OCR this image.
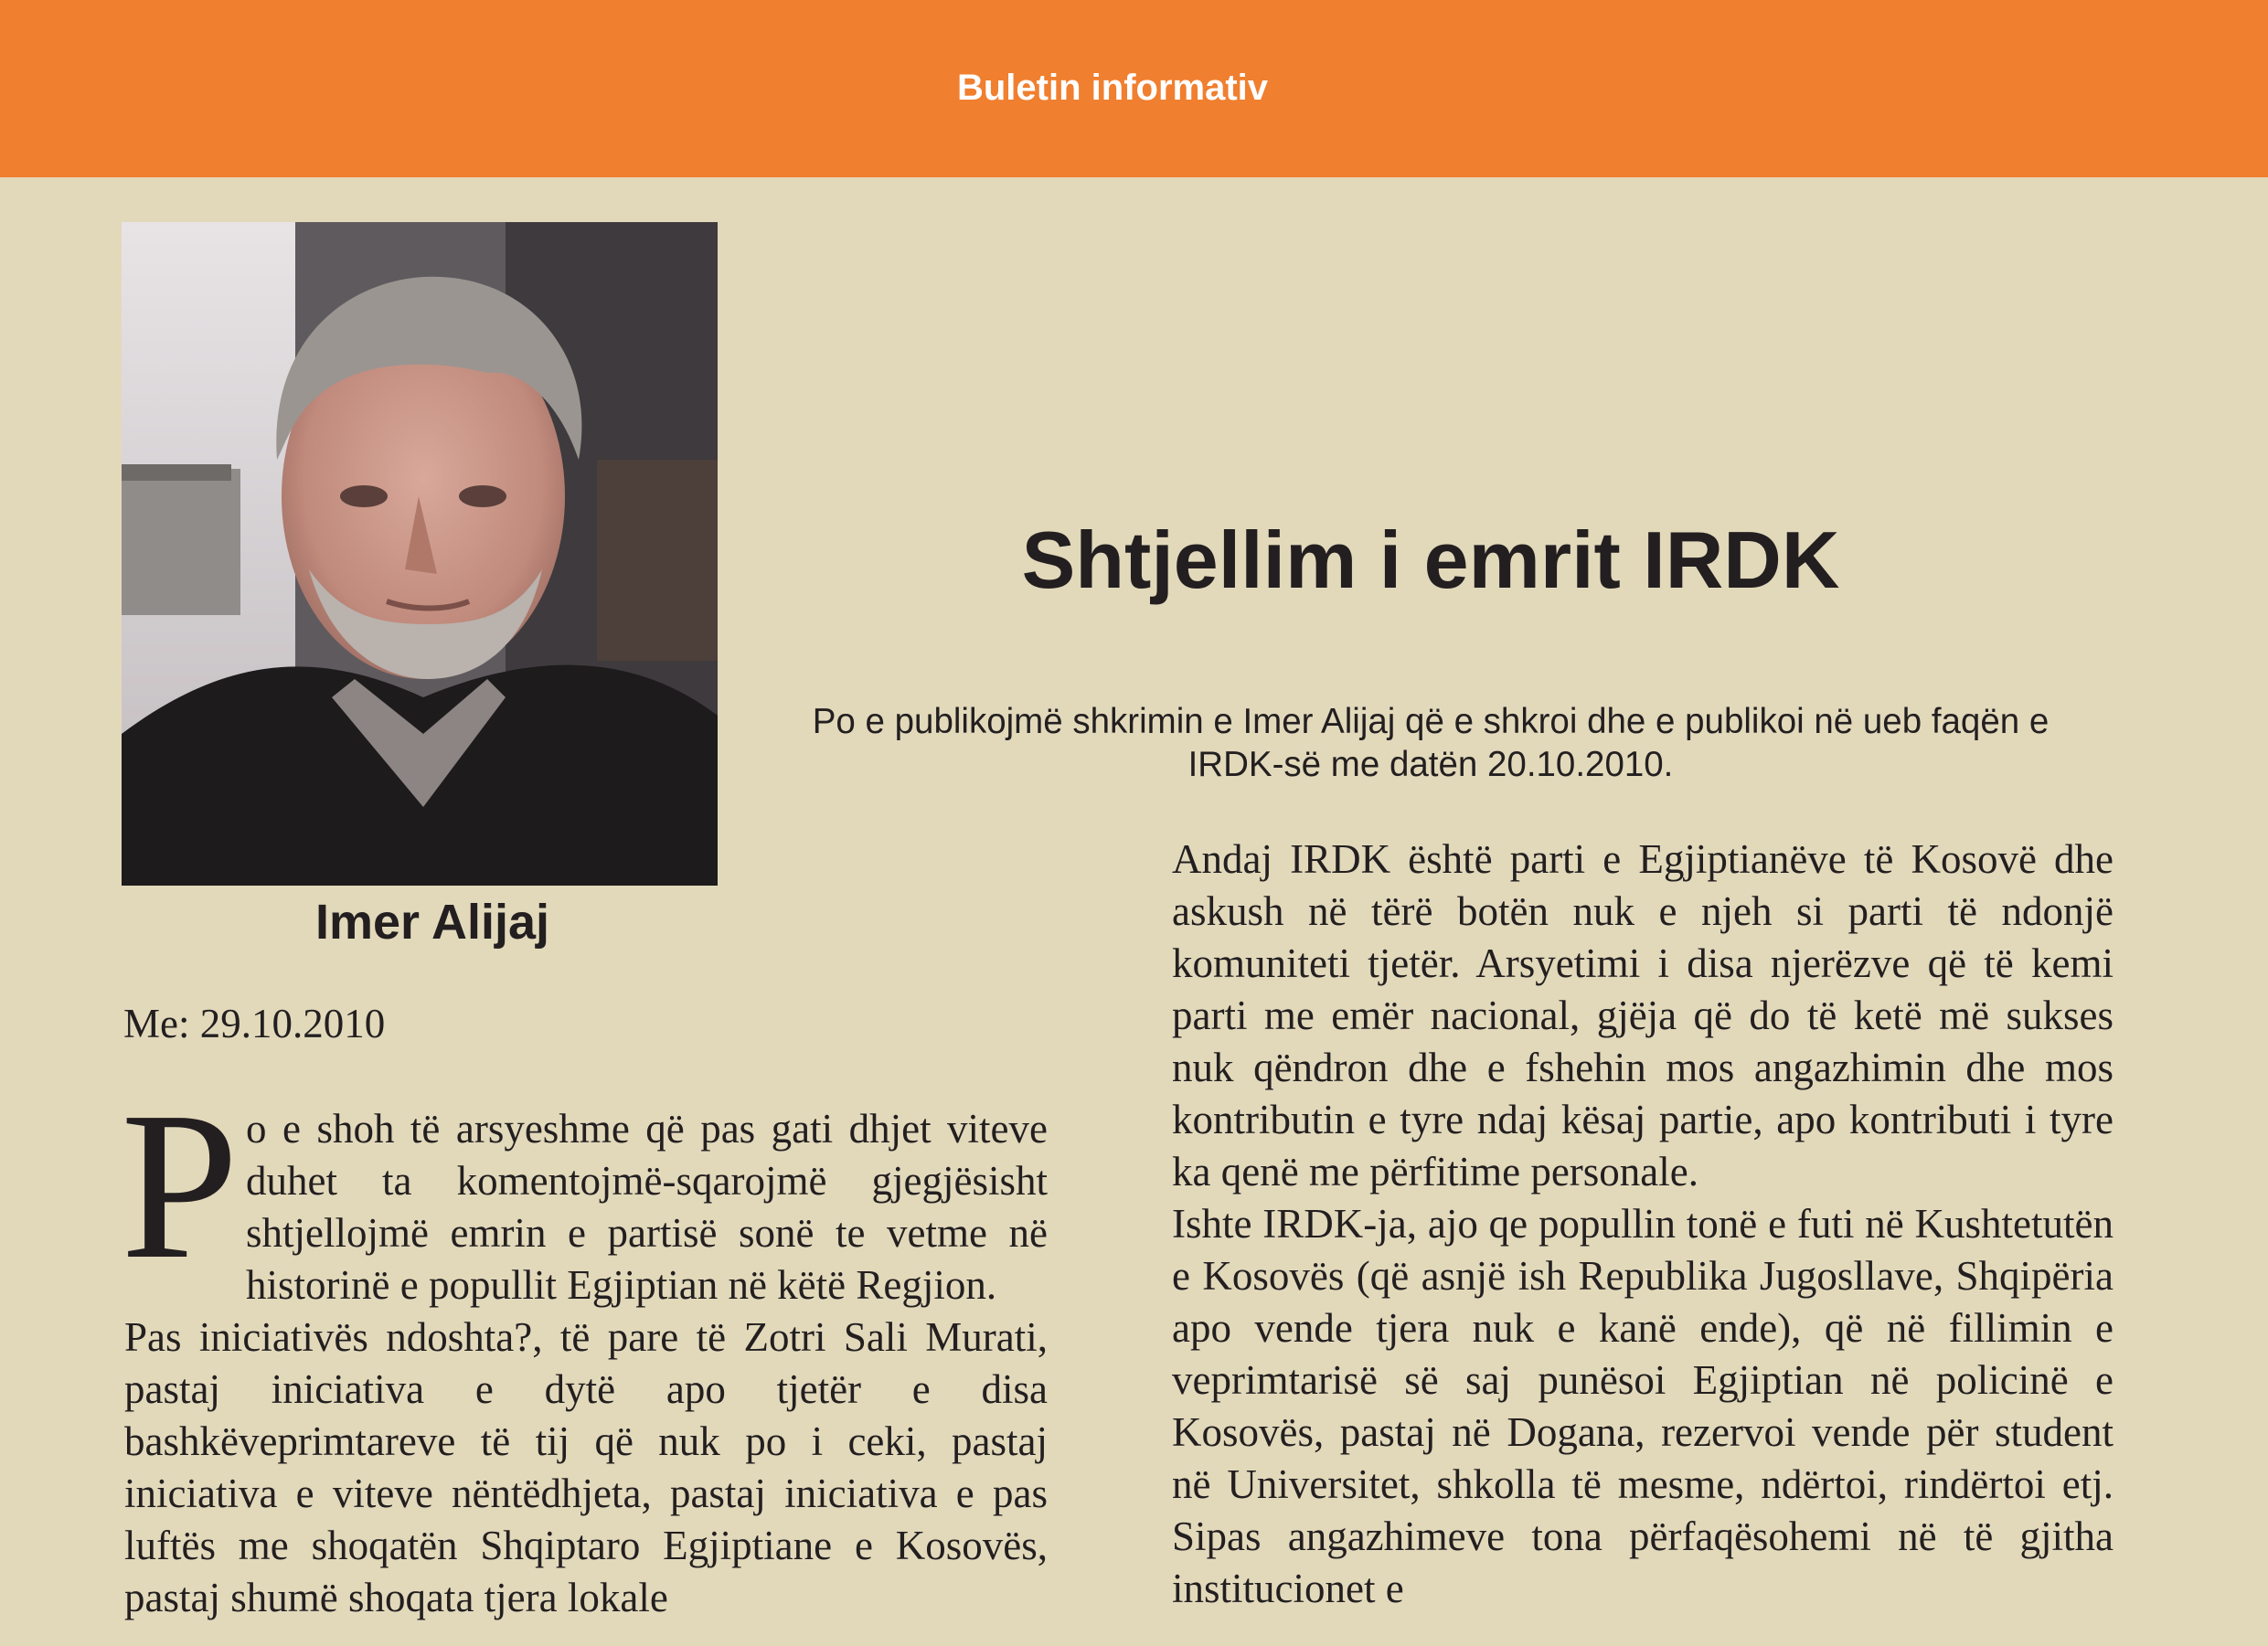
Buletin informativ
Imer Alijaj
Me: 29.10.2010
Shtjellim i emrit IRDK
Po e publikojmë shkrimin e Imer Alijaj që e shkroi dhe e publikoi në ueb faqën e
IRDK-së me datën 20.10.2010.

Po e shoh të arsyeshme që pas gati dhjet viteve duhet ta komentojmë-sqarojmë gjegjësisht shtjellojmë emrin e partisë sonë te vetme në historinë e popullit Egjiptian në këtë Regjion.

Pas iniciativës ndoshta?, të pare të Zotri Sali Murati, pastaj iniciativa e dytë apo tjetër e disa bashkëveprimtareve të tij që nuk po i ceki, pastaj iniciativa e viteve nëntëdhjeta, pastaj iniciativa e pas luftës me shoqatën Shqiptaro Egjiptiane e Kosovës, pastaj shumë shoqata tjera lokale

Andaj IRDK është parti e Egjiptianëve të Kosovë dhe askush në tërë botën nuk e njeh si parti të ndonjë komuniteti tjetër. Arsyetimi i disa njerëzve që të kemi parti me emër nacional, gjëja që do të ketë më sukses nuk qëndron dhe e fshehin mos angazhimin dhe mos kontributin e tyre ndaj kësaj partie, apo kontributi i tyre ka qenë me përfitime personale.

Ishte IRDK-ja, ajo qe popullin tonë e futi në Kushtetutën e Kosovës (që asnjë ish Republika Jugosllave, Shqipëria apo vende tjera nuk e kanë ende), që në fillimin e veprimtarisë së saj punësoi Egjiptian në policinë e Kosovës, pastaj në Dogana, rezervoi vende për student në Universitet, shkolla të mesme, ndërtoi, rindërtoi etj. Sipas angazhimeve tona përfaqësohemi në të gjitha institucionet e
